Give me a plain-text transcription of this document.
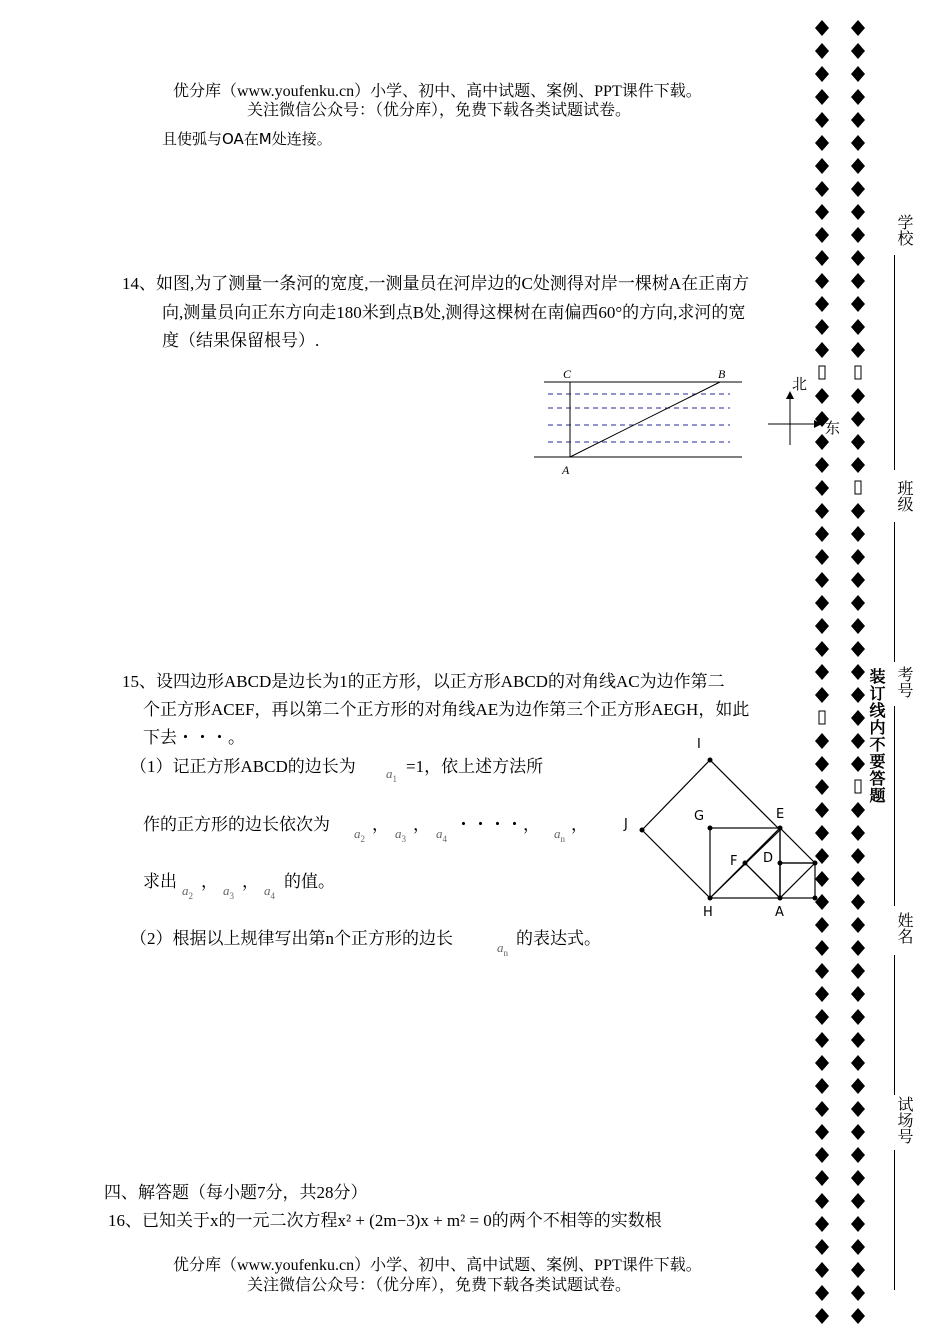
优分库（www.youfenku.cn）小学、初中、高中试题、案例、PPT课件下载。
关注微信公众号：（优分库），免费下载各类试题试卷。
且使弧与OA在M处连接。
14、如图,为了测量一条河的宽度,一测量员在河岸边的C处测得对岸一棵树A在正南方
向,测量员向正东方向走180米到点B处,测得这棵树在南偏西60°的方向,求河的宽
度（结果保留根号）.
C	B
A
北
东
15、设四边形ABCD是边长为1的正方形，以正方形ABCD的对角线AC为边作第二
个正方形ACEF，再以第二个正方形的对角线AE为边作第三个正方形AEGH，如此
下去・・・。
（1）记正方形ABCD的边长为 $a_1$
=1，依上述方法所
作的正方形的边长依次为 $a_2$
， $a_3$
， $a_4$
・・・・， $a_n$
，
求出 $a_2$
， $a_3$
， $a_4$
的值。
（2）根据以上规律写出第n个正方形的边长	$a_n$
的表达式。
I
J
G	E
F D
H	A
四、解答题（每小题7分，共28分）
16、已知关于x的一元二次方程x² + (2m−3)x + m² = 0的两个不相等的实数根
优分库（www.youfenku.cn）小学、初中、高中试题、案例、PPT课件下载。
关注微信公众号：（优分库），免费下载各类试题试卷。
装订线内不要答题
学校
班级
考号
姓名
试场号
